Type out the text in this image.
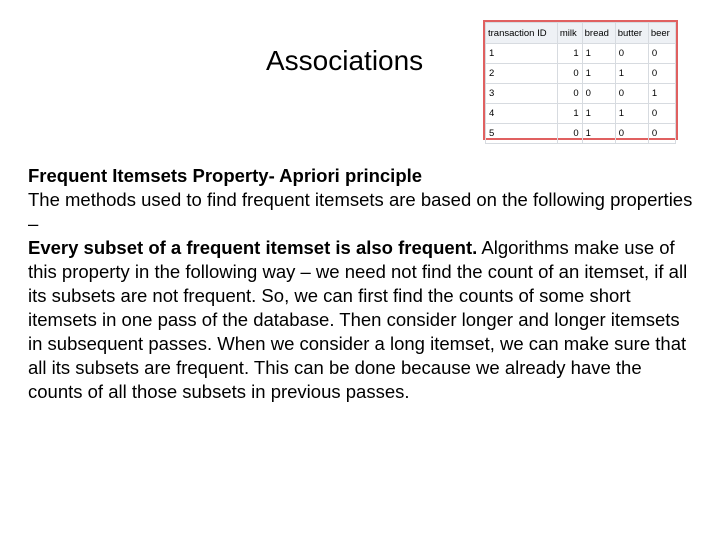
Associations
transaction ID	milk	bread	butter	beer
1	1	1	0	0
2	0	1	1	0
3	0	0	0	1
4	1	1	1	0
5	0	1	0	0

Frequent Itemsets Property- Apriori principle

The methods used to find frequent itemsets are based on the following properties –

Every subset of a frequent itemset is also frequent. Algorithms make use of this property in the following way – we need not find the count of an itemset, if all its subsets are not frequent. So, we can first find the counts of some short itemsets in one pass of the database. Then consider longer and longer itemsets in subsequent passes. When we consider a long itemset, we can make sure that all its subsets are frequent. This can be done because we already have the counts of all those subsets in previous passes.
